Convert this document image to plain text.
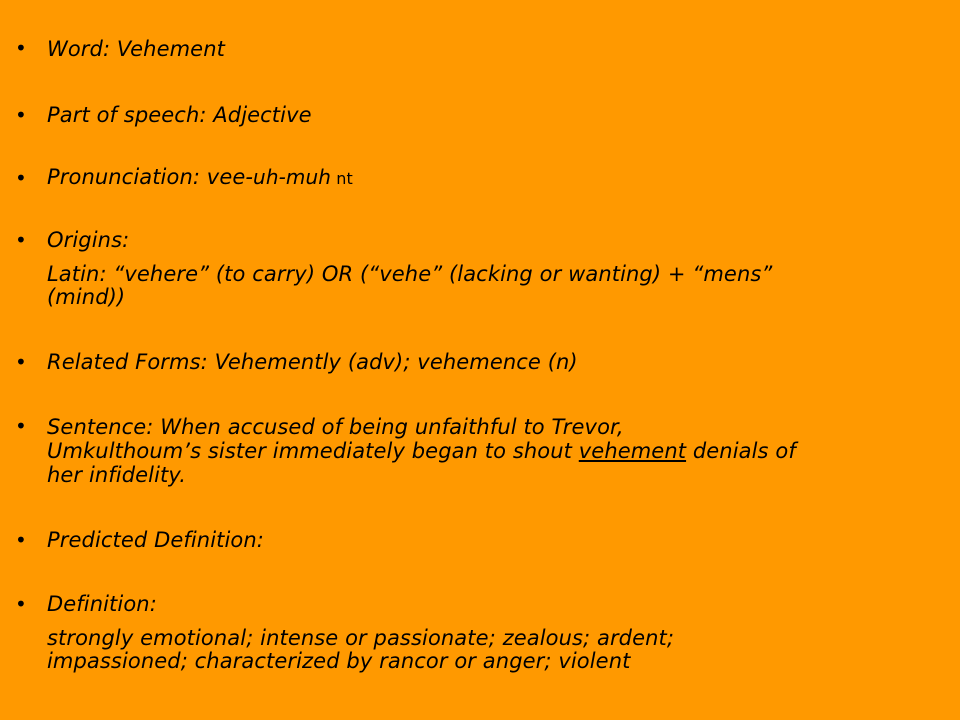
• Word: Vehement
• Part of speech: Adjective
• Pronunciation: vee-uh-muh nt
• Origins:
Latin: “vehere” (to carry) OR (“vehe” (lacking or wanting) + “mens”
(mind))
• Related Forms: Vehemently (adv); vehemence (n)
• Sentence: When accused of being unfaithful to Trevor,
Umkulthoum’s sister immediately began to shout vehement denials of
her infidelity.
• Predicted Definition:
• Definition:
strongly emotional; intense or passionate; zealous; ardent;
impassioned; characterized by rancor or anger; violent
